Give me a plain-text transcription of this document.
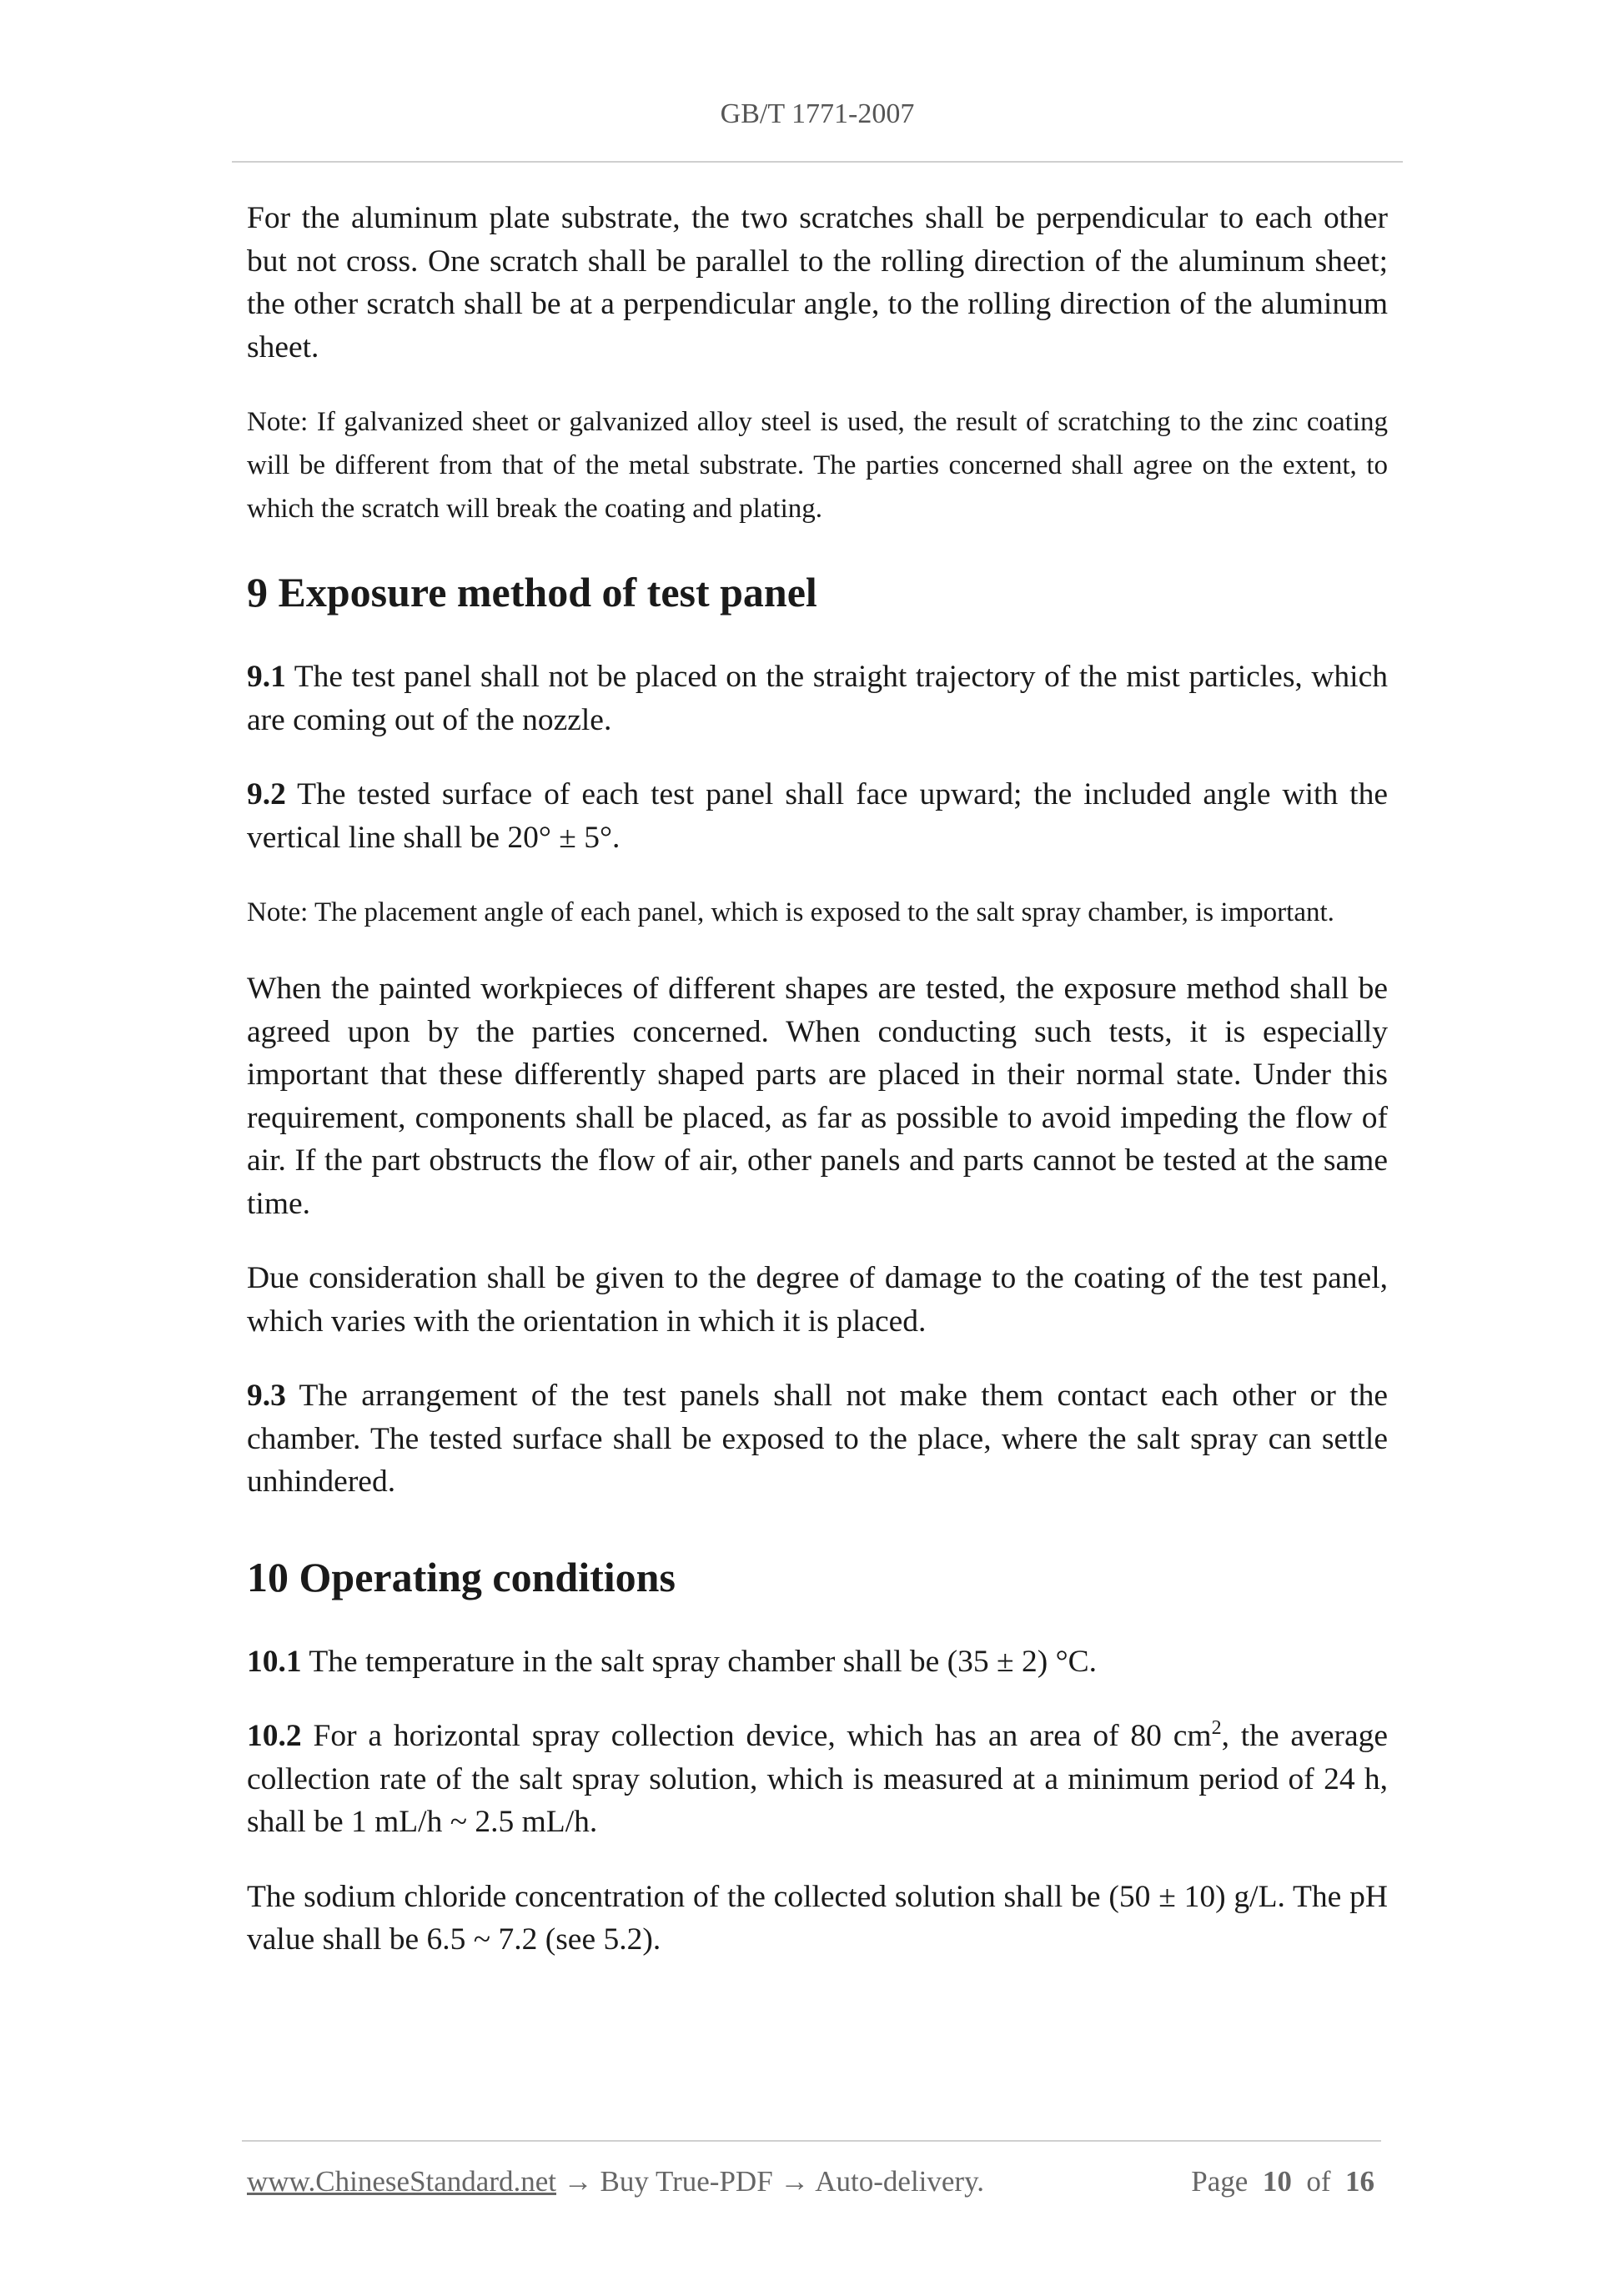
GB/T 1771-2007

For the aluminum plate substrate, the two scratches shall be perpendicular to each other but not cross. One scratch shall be parallel to the rolling direction of the aluminum sheet; the other scratch shall be at a perpendicular angle, to the rolling direction of the aluminum sheet.

Note: If galvanized sheet or galvanized alloy steel is used, the result of scratching to the zinc coating will be different from that of the metal substrate. The parties concerned shall agree on the extent, to which the scratch will break the coating and plating.

9 Exposure method of test panel

9.1 The test panel shall not be placed on the straight trajectory of the mist particles, which are coming out of the nozzle.

9.2 The tested surface of each test panel shall face upward; the included angle with the vertical line shall be 20° ± 5°.

Note: The placement angle of each panel, which is exposed to the salt spray chamber, is important.

When the painted workpieces of different shapes are tested, the exposure method shall be agreed upon by the parties concerned. When conducting such tests, it is especially important that these differently shaped parts are placed in their normal state. Under this requirement, components shall be placed, as far as possible to avoid impeding the flow of air. If the part obstructs the flow of air, other panels and parts cannot be tested at the same time.

Due consideration shall be given to the degree of damage to the coating of the test panel, which varies with the orientation in which it is placed.

9.3 The arrangement of the test panels shall not make them contact each other or the chamber. The tested surface shall be exposed to the place, where the salt spray can settle unhindered.

10 Operating conditions

10.1 The temperature in the salt spray chamber shall be (35 ± 2) °C.

10.2 For a horizontal spray collection device, which has an area of 80 $cm^2$, the average collection rate of the salt spray solution, which is measured at a minimum period of 24 h, shall be 1 mL/h ~ 2.5 mL/h.

The sodium chloride concentration of the collected solution shall be (50 ± 10) g/L. The pH value shall be 6.5 ~ 7.2 (see 5.2).

www.ChineseStandard.net → Buy True-PDF → Auto-delivery.	Page 10 of 16
